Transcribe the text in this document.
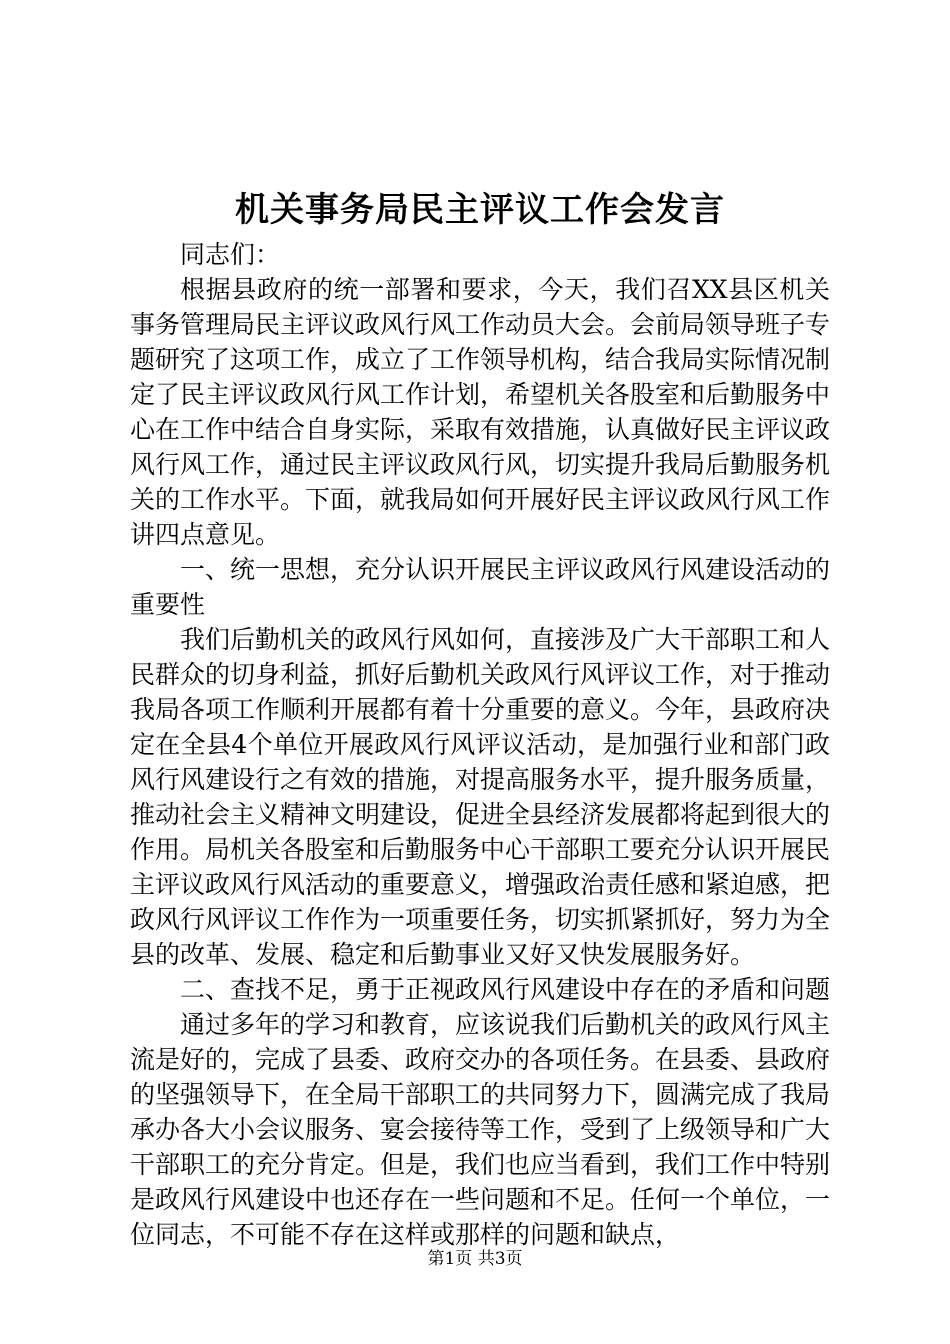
机关事务局民主评议工作会发言

同志们：

根据县政府的统一部署和要求，今天，我们召XX县区机关事务管理局民主评议政风行风工作动员大会。会前局领导班子专题研究了这项工作，成立了工作领导机构，结合我局实际情况制定了民主评议政风行风工作计划，希望机关各股室和后勤服务中心在工作中结合自身实际，采取有效措施，认真做好民主评议政风行风工作，通过民主评议政风行风，切实提升我局后勤服务机关的工作水平。下面，就我局如何开展好民主评议政风行风工作讲四点意见。

一、统一思想，充分认识开展民主评议政风行风建设活动的重要性

我们后勤机关的政风行风如何，直接涉及广大干部职工和人民群众的切身利益，抓好后勤机关政风行风评议工作，对于推动我局各项工作顺利开展都有着十分重要的意义。今年，县政府决定在全县4个单位开展政风行风评议活动，是加强行业和部门政风行风建设行之有效的措施，对提高服务水平，提升服务质量，推动社会主义精神文明建设，促进全县经济发展都将起到很大的作用。局机关各股室和后勤服务中心干部职工要充分认识开展民主评议政风行风活动的重要意义，增强政治责任感和紧迫感，把政风行风评议工作作为一项重要任务，切实抓紧抓好，努力为全县的改革、发展、稳定和后勤事业又好又快发展服务好。

二、查找不足，勇于正视政风行风建设中存在的矛盾和问题

通过多年的学习和教育，应该说我们后勤机关的政风行风主流是好的，完成了县委、政府交办的各项任务。在县委、县政府的坚强领导下，在全局干部职工的共同努力下，圆满完成了我局承办各大小会议服务、宴会接待等工作，受到了上级领导和广大干部职工的充分肯定。但是，我们也应当看到，我们工作中特别是政风行风建设中也还存在一些问题和不足。任何一个单位，一位同志，不可能不存在这样或那样的问题和缺点，

第1页 共3页
